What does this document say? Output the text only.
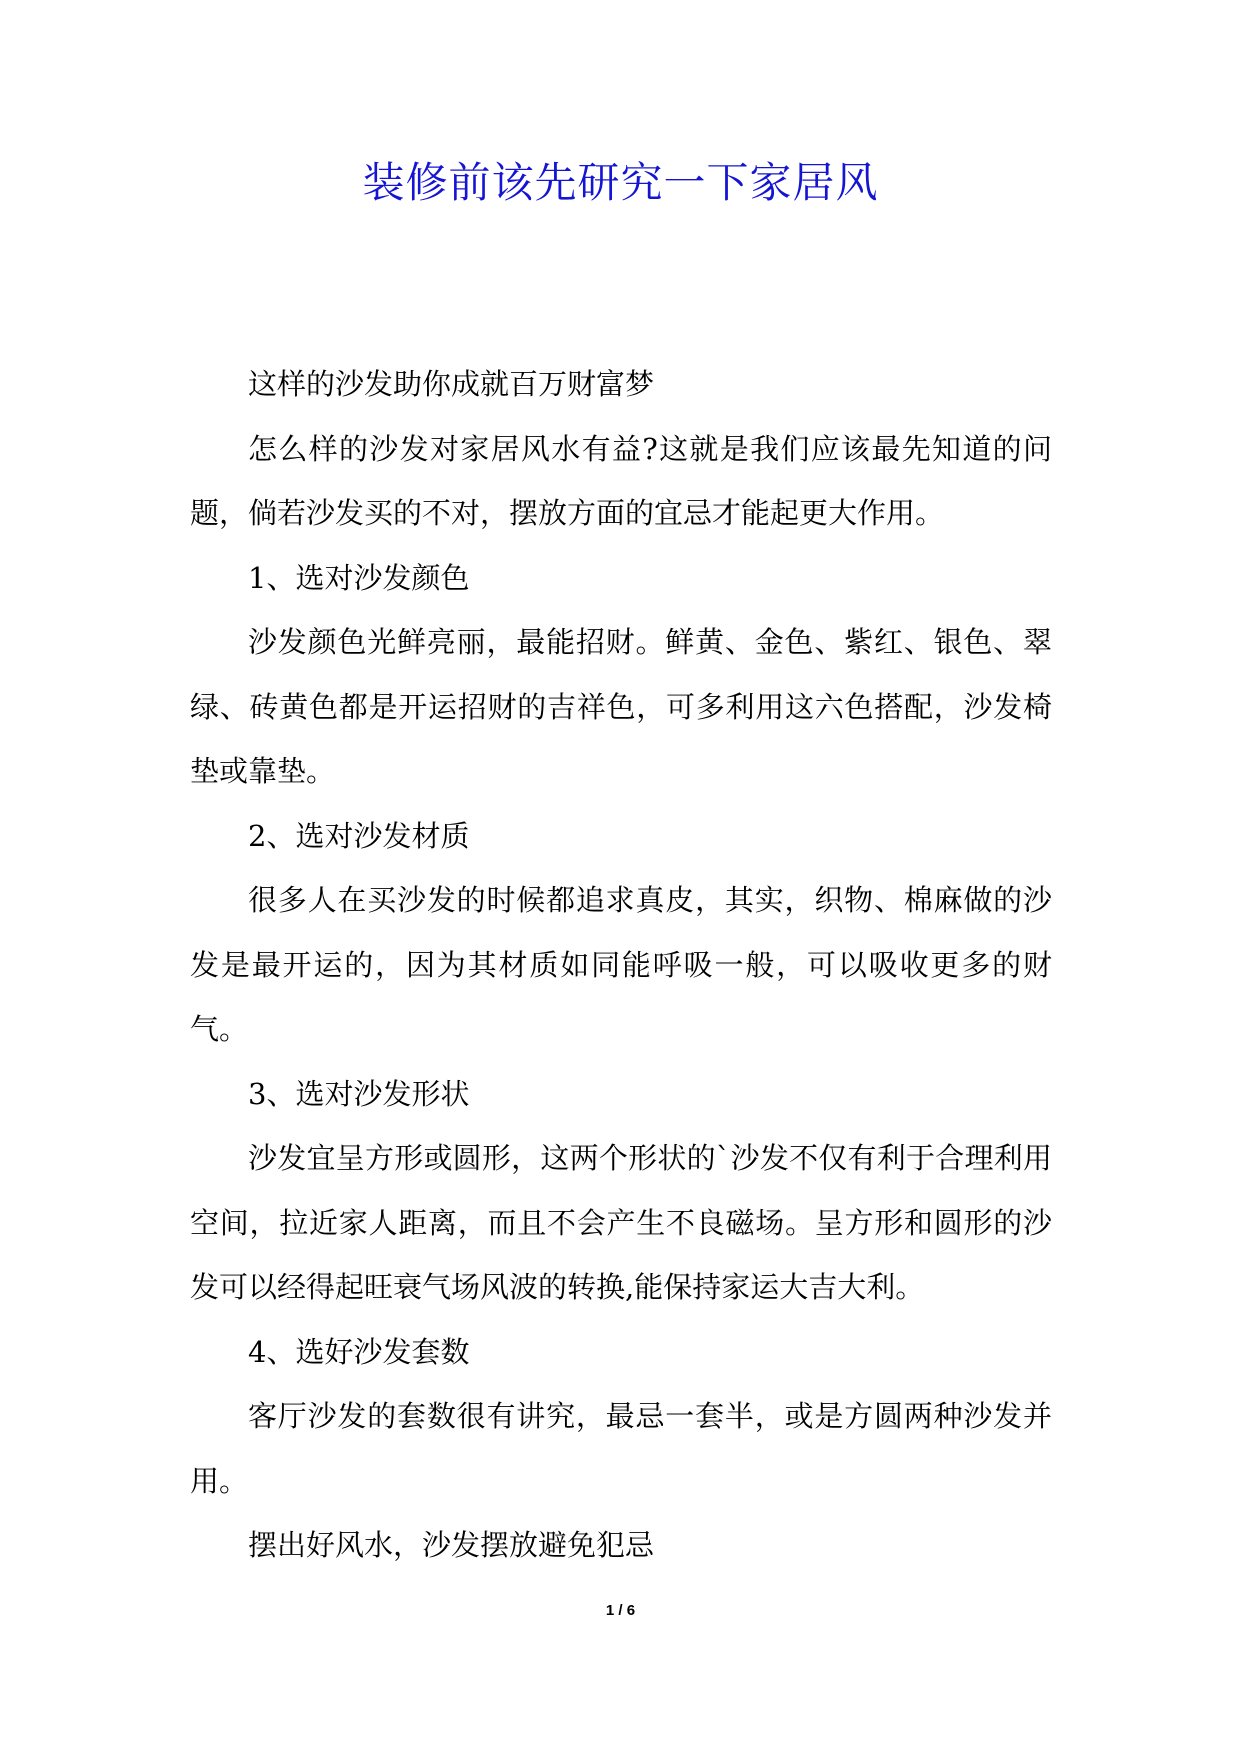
装修前该先研究一下家居风

这样的沙发助你成就百万财富梦

怎么样的沙发对家居风水有益?这就是我们应该最先知道的问题，倘若沙发买的不对，摆放方面的宜忌才能起更大作用。

1、选对沙发颜色

沙发颜色光鲜亮丽，最能招财。鲜黄、金色、紫红、银色、翠绿、砖黄色都是开运招财的吉祥色，可多利用这六色搭配，沙发椅垫或靠垫。

2、选对沙发材质

很多人在买沙发的时候都追求真皮，其实，织物、棉麻做的沙发是最开运的，因为其材质如同能呼吸一般，可以吸收更多的财气。

3、选对沙发形状

沙发宜呈方形或圆形，这两个形状的`沙发不仅有利于合理利用空间，拉近家人距离，而且不会产生不良磁场。呈方形和圆形的沙发可以经得起旺衰气场风波的转换,能保持家运大吉大利。

4、选好沙发套数

客厅沙发的套数很有讲究，最忌一套半，或是方圆两种沙发并用。

摆出好风水，沙发摆放避免犯忌

1 / 6
